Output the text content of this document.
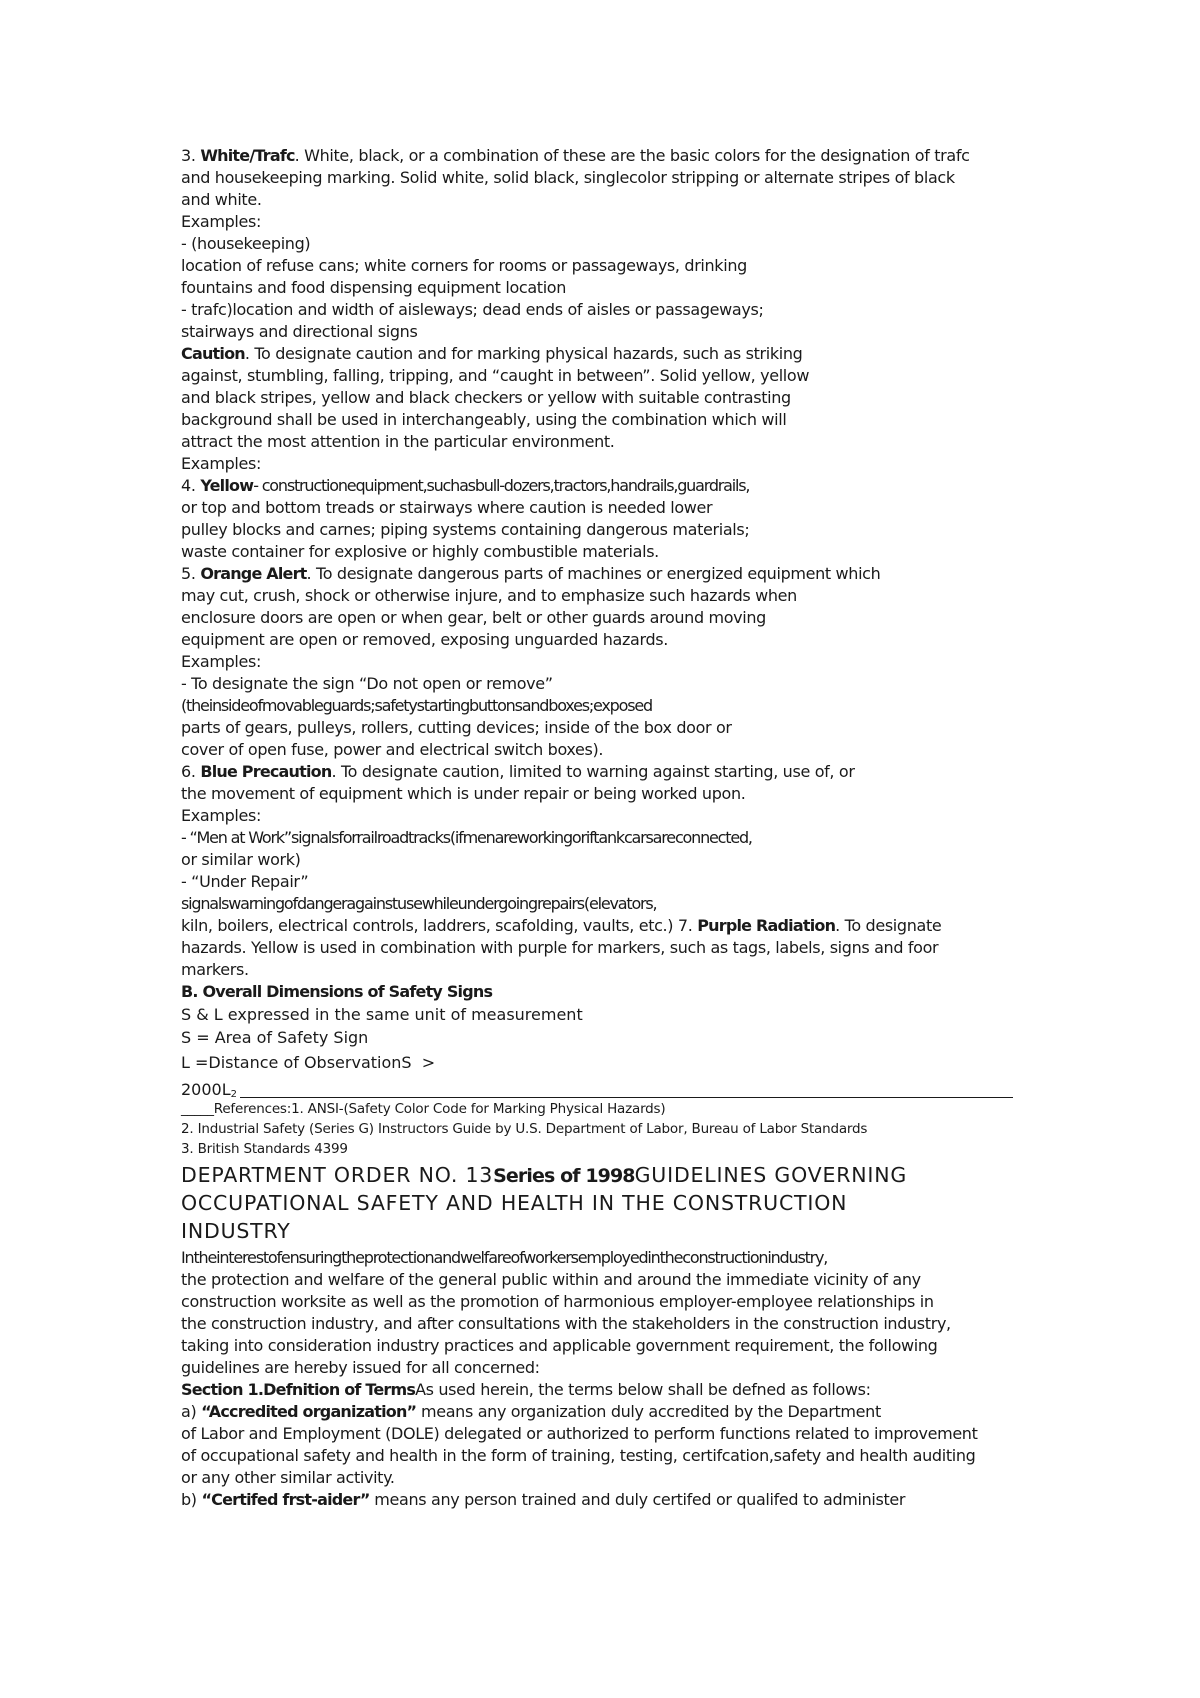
3. White/Trafc. White, black, or a combination of these are the basic colors for the designation of trafc

and housekeeping marking. Solid white, solid black, singlecolor stripping or alternate stripes of black

and white.

Examples:

- (housekeeping)

location of refuse cans; white corners for rooms or passageways, drinking

fountains and food dispensing equipment location

- trafc)location and width of aisleways; dead ends of aisles or passageways;

stairways and directional signs

Caution. To designate caution and for marking physical hazards, such as striking

against, stumbling, falling, tripping, and “caught in between”. Solid yellow, yellow

and black stripes, yellow and black checkers or yellow with suitable contrasting

background shall be used in interchangeably, using the combination which will

attract the most attention in the particular environment.

Examples:

4. Yellow- constructionequipment,suchasbull-dozers,tractors,handrails,guardrails,

or top and bottom treads or stairways where caution is needed lower

pulley blocks and carnes; piping systems containing dangerous materials;

waste container for explosive or highly combustible materials.

5. Orange Alert. To designate dangerous parts of machines or energized equipment which

may cut, crush, shock or otherwise injure, and to emphasize such hazards when

enclosure doors are open or when gear, belt or other guards around moving

equipment are open or removed, exposing unguarded hazards.

Examples:

- To designate the sign “Do not open or remove”

(theinsideofmovableguards;safetystartingbuttonsandboxes;exposed

parts of gears, pulleys, rollers, cutting devices; inside of the box door or

cover of open fuse, power and electrical switch boxes).

6. Blue Precaution. To designate caution, limited to warning against starting, use of, or

the movement of equipment which is under repair or being worked upon.

Examples:

- “Men at Work”signalsforrailroadtracks(ifmenareworkingoriftankcarsareconnected,

or similar work)

- “Under Repair”

signalswarningofdangeragainstusewhileundergoingrepairs(elevators,

kiln, boilers, electrical controls, laddrers, scafolding, vaults, etc.) 7. Purple Radiation. To designate

hazards. Yellow is used in combination with purple for markers, such as tags, labels, signs and foor

markers.

B. Overall Dimensions of Safety Signs

S & L expressed in the same unit of measurement

S = Area of Safety Sign

L =Distance of ObservationS  >

$2000L_2$

_____References:1. ANSI-(Safety Color Code for Marking Physical Hazards)

2. Industrial Safety (Series G) Instructors Guide by U.S. Department of Labor, Bureau of Labor Standards

3. British Standards 4399

DEPARTMENT ORDER NO. 13Series of 1998GUIDELINES GOVERNING
OCCUPATIONAL SAFETY AND HEALTH IN THE CONSTRUCTION
INDUSTRY

Intheinterestofensuringtheprotectionandwelfareofworkersemployedintheconstructionindustry,

the protection and welfare of the general public within and around the immediate vicinity of any

construction worksite as well as the promotion of harmonious employer-employee relationships in

the construction industry, and after consultations with the stakeholders in the construction industry,

taking into consideration industry practices and applicable government requirement, the following

guidelines are hereby issued for all concerned:

Section 1.Defnition of TermsAs used herein, the terms below shall be defned as follows:

a) “Accredited organization” means any organization duly accredited by the Department

of Labor and Employment (DOLE) delegated or authorized to perform functions related to improvement

of occupational safety and health in the form of training, testing, certifcation,safety and health auditing

or any other similar activity.

b) “Certifed frst-aider” means any person trained and duly certifed or qualifed to administer
